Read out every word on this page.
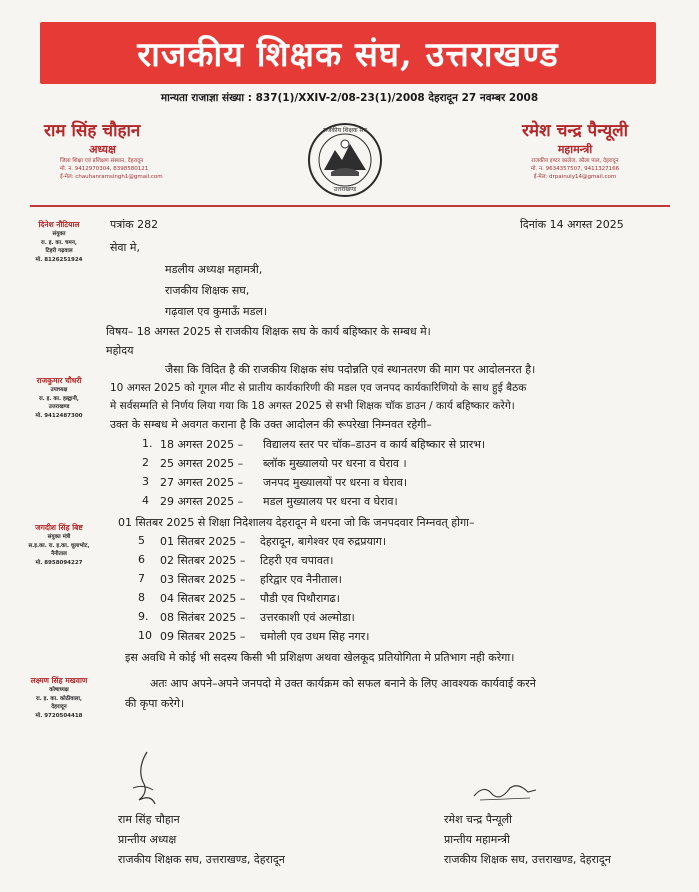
राजकीय शिक्षक संघ, उत्तराखण्ड
मान्यता राजाज्ञा संख्या : 837(1)/XXIV-2/08-23(1)/2008 देहरादून 27 नवम्बर 2008
राम सिंह चौहान
अध्यक्ष
जिला शिक्षा एवं प्रशिक्षण संस्थान, देहरादून
मो. न. 9412970304, 8398580121
ई-मेल: chauhanramsingh1@gmail.com
राजकीय शिक्षक संघ
उत्तराखण्ड
रमेश चन्द्र पैन्यूली
महामन्त्री
राजकीय इण्टर कालेज, कौला पाल, देहरादून
मो. न. 9634357507, 9411327166
ई-मेल: drpainuly14@gmail.com
दिनेश नौटियाल
संयुक्त
रा. इ. का. चमन,
टिहरी गढ़वाल
मो. 8126251924
राजकुमार चौधरी
उपाध्यक्ष
रा. इ. का. हल्द्वानी,
उत्तराखण्ड
मो. 9412487300
जगदीश सिंह बिष्ट
संयुक्त मंत्री
स.इ.का. रा. इ.का. धूलाभोट,
नैनीताल
मो. 8958094227
लक्ष्मण सिंह मखवाण
कोषाध्यक्ष
रा. इ. का. कोठीवाला,
देहरादून
मो. 9720504418
पत्रांक 282	दिनांक 14 अगस्त 2025
सेवा मे,
मडलीय अध्यक्ष महामत्री,
राजकीय शिक्षक सघ,
गढ़वाल एव कुमाऊँ मडल।
विषय– 18 अगस्त 2025 से राजकीय शिक्षक सघ के कार्य बहिष्कार के सम्बध मे।
महोदय
जैसा कि विदित है की राजकीय शिक्षक संघ पदोन्नति एवं स्थानतरण की माग पर आदोलनरत है।
10 अगस्त 2025 को गूगल मीट से प्रातीय कार्यकारिणी की मडल एव जनपद कार्यकारिणियो के साथ हुई बैठक
मे सर्वसम्मति से निर्णय लिया गया कि 18 अगस्त 2025 से सभी शिक्षक चॉक डाउन / कार्य बहिष्कार करेगे।
उक्त के सम्बध मे अवगत कराना है कि उक्त आदोलन की रूपरेखा निम्नवत रहेगी–
1. 18 अगस्त 2025 – विद्यालय स्तर पर चॉक–डाउन व कार्य बहिष्कार से प्रारभ।
2 25 अगस्त 2025 – ब्लॉक मुख्यालयो पर धरना व घेराव ।
3 27 अगस्त 2025 – जनपद मुख्यालयों पर धरना व घेराव।
4 29 अगस्त 2025 – मडल मुख्यालय पर धरना व घेराव।
01 सितबर 2025 से शिक्षा निदेशालय देहरादून मे धरना जो कि जनपदवार निम्नवत् होगा–
5 01 सितबर 2025 – देहरादून, बागेश्वर एव रुद्रप्रयाग।
6 02 सितबर 2025 – टिहरी एव चपावत।
7 03 सितबर 2025 – हरिद्वार एव नैनीताल।
8 04 सितबर 2025 – पौडी एव पिथौरागढ।
9. 08 सितंबर 2025 – उत्तरकाशी एवं अल्मोडा।
10 09 सितबर 2025 – चमोली एव उधम सिह नगर।
इस अवधि मे कोई भी सदस्य किसी भी प्रशिक्षण अथवा खेलकूद प्रतियोगिता मे प्रतिभाग नही करेगा।
अतः आप अपने–अपने जनपदो मे उक्त कार्यक्रम को सफल बनाने के लिए आवश्यक कार्यवाई करने
की कृपा करेगे।
राम सिंह चौहान
प्रान्तीय अध्यक्ष
राजकीय शिक्षक सघ, उत्तराखण्ड, देहरादून
रमेश चन्द्र पैन्यूली
प्रान्तीय महामन्त्री
राजकीय शिक्षक सघ, उत्तराखण्ड, देहरादून
